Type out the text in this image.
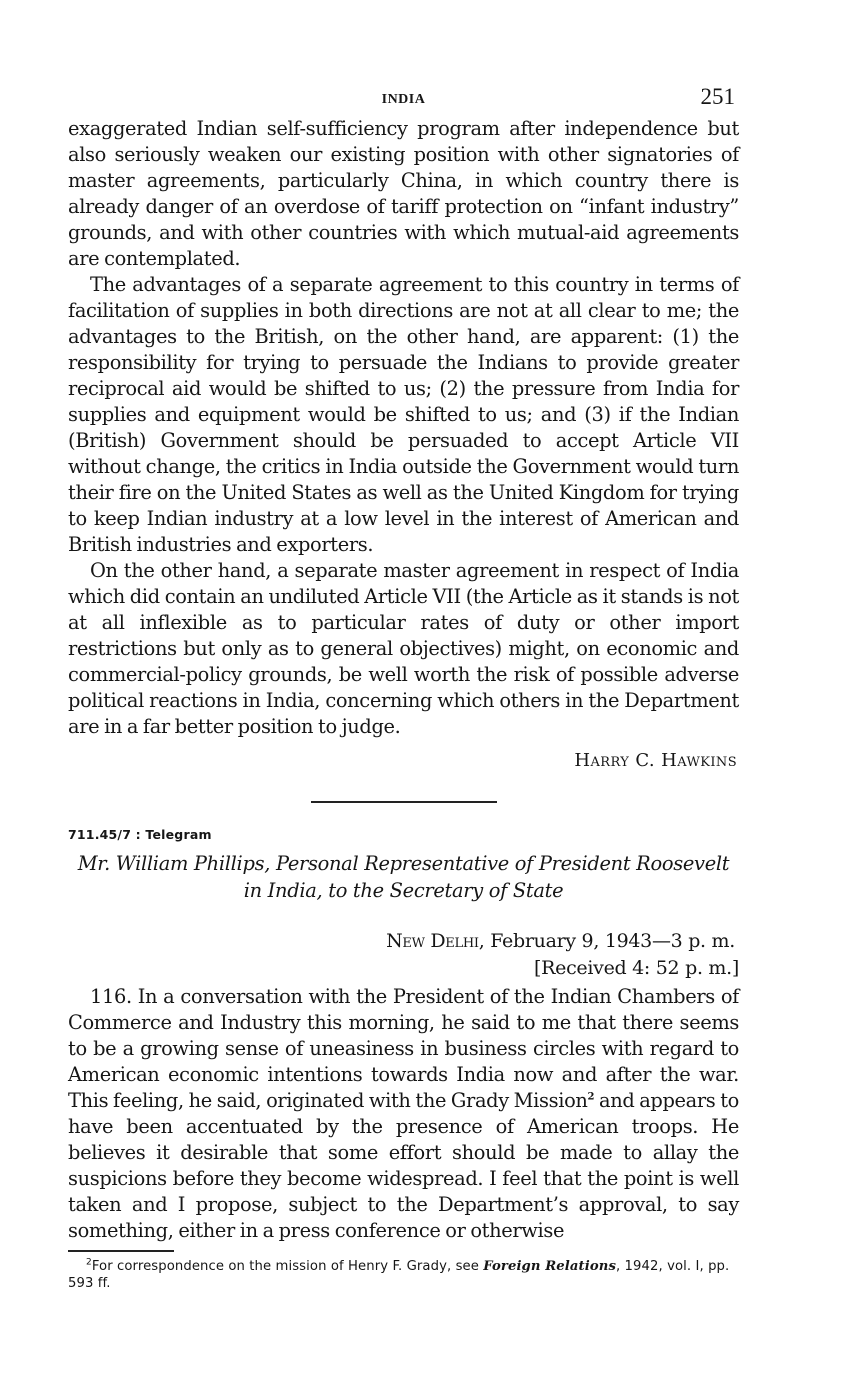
INDIA	251

exaggerated Indian self-sufficiency program after independence but also seriously weaken our existing position with other signatories of master agreements, particularly China, in which country there is already danger of an overdose of tariff protection on “infant industry” grounds, and with other countries with which mutual-aid agreements are contemplated.

The advantages of a separate agreement to this country in terms of facilitation of supplies in both directions are not at all clear to me; the advantages to the British, on the other hand, are apparent: (1) the responsibility for trying to persuade the Indians to provide greater reciprocal aid would be shifted to us; (2) the pressure from India for supplies and equipment would be shifted to us; and (3) if the Indian (British) Government should be persuaded to accept Article VII without change, the critics in India outside the Government would turn their fire on the United States as well as the United Kingdom for trying to keep Indian industry at a low level in the interest of American and British industries and exporters.

On the other hand, a separate master agreement in respect of India which did contain an undiluted Article VII (the Article as it stands is not at all inflexible as to particular rates of duty or other import restrictions but only as to general objectives) might, on economic and commercial-policy grounds, be well worth the risk of possible adverse political reactions in India, concerning which others in the Department are in a far better position to judge.

Harry C. Hawkins
711.45/7 : Telegram
Mr. William Phillips, Personal Representative of President Roosevelt in India, to the Secretary of State
New Delhi, February 9, 1943—3 p. m.
[Received 4: 52 p. m.]

116. In a conversation with the President of the Indian Chambers of Commerce and Industry this morning, he said to me that there seems to be a growing sense of uneasiness in business circles with regard to American economic intentions towards India now and after the war. This feeling, he said, originated with the Grady Mission$^2$ and appears to have been accentuated by the presence of American troops. He believes it desirable that some effort should be made to allay the suspicions before they become widespread. I feel that the point is well taken and I propose, subject to the Department’s approval, to say something, either in a press conference or otherwise

$^2$For correspondence on the mission of Henry F. Grady, see Foreign Relations, 1942, vol. I, pp. 593 ff.
